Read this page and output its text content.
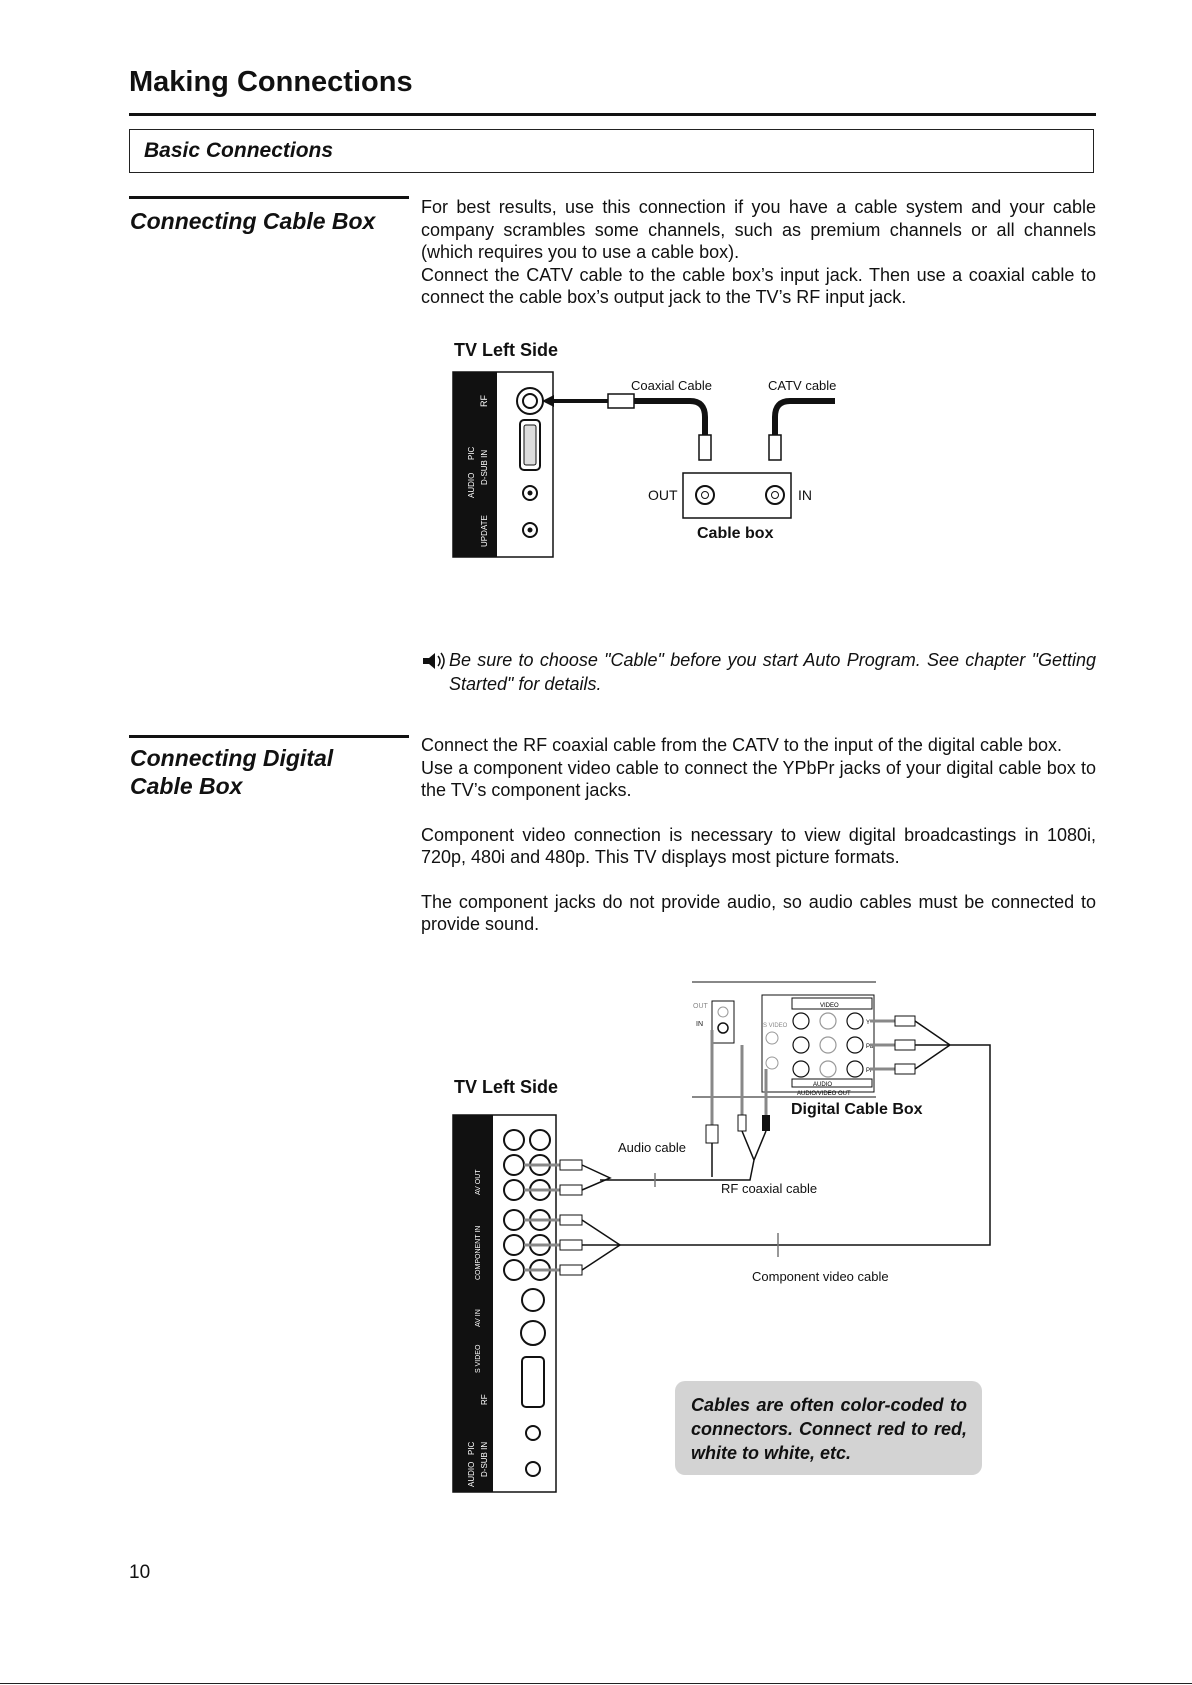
Making Connections
Basic Connections
Connecting Cable Box

For best results, use this connection if you have a cable system and your cable company scrambles some channels, such as premium channels or all channels (which requires you to use a cable box).

Connect the CATV cable to the cable box’s input jack. Then use a coaxial cable to connect the cable box’s output jack to the TV’s RF input jack.

TV Left Side
RF
PIC D-SUB IN
AUDIO
UPDATE
Coaxial Cable	CATV cable
OUT	IN
Cable box
Be sure to choose "Cable" before you start Auto Program. See chapter "Getting Started" for details.
Connecting Digital
Cable Box

Connect the RF coaxial cable from the CATV to the input of the digital cable box.

Use a component video cable to connect the YPbPr jacks of your digital cable box to the TV’s component jacks.

Component video connection is necessary to view digital broadcastings in 1080i, 720p, 480i and 480p. This TV displays most picture formats.

The component jacks do not provide audio, so audio cables must be connected to provide sound.

TV Left Side
Digital Cable Box
Audio cable
RF coaxial cable
Component video cable
OUT
IN
VIDEO
S VIDEO
AUDIO
AUDIO/VIDEO OUT
Y
Pb
Pr
AV OUT
COMPONENT IN
AV IN
S VIDEO
RF
PIC D-SUB IN
AUDIO
Cables are often color-coded to connectors. Connect red to red, white to white, etc.
10
